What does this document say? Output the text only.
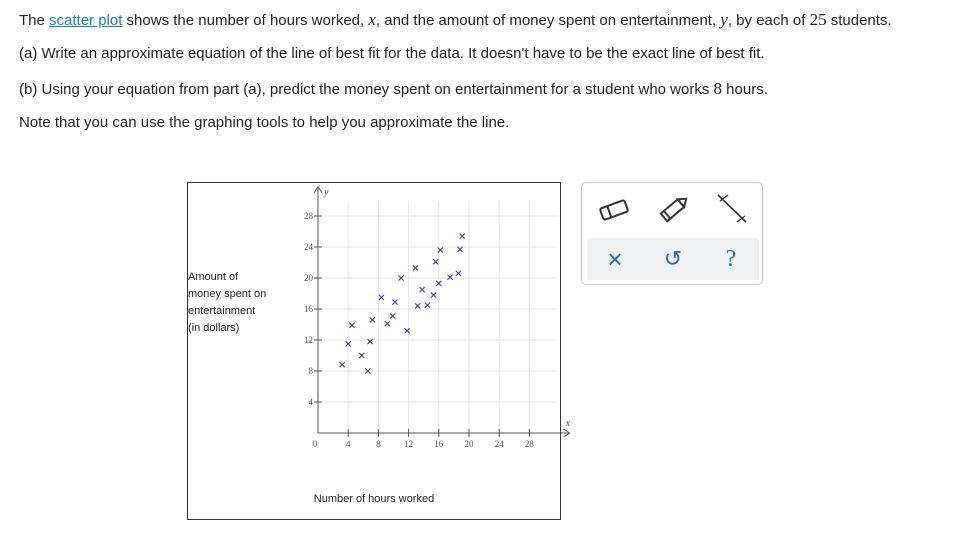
The scatter plot shows the number of hours worked, x, and the amount of money spent on entertainment, y, by each of 25 students.
(a) Write an approximate equation of the line of best fit for the data. It doesn't have to be the exact line of best fit.
(b) Using your equation from part (a), predict the money spent on entertainment for a student who works 8 hours.
Note that you can use the graphing tools to help you approximate the line.
Amount of
money spent on
entertainment
(in dollars)
4	8	12 16 20 24 28
4
8
12
16
20
24
28
0
x
y
Number of hours worked
× ↺ ?
